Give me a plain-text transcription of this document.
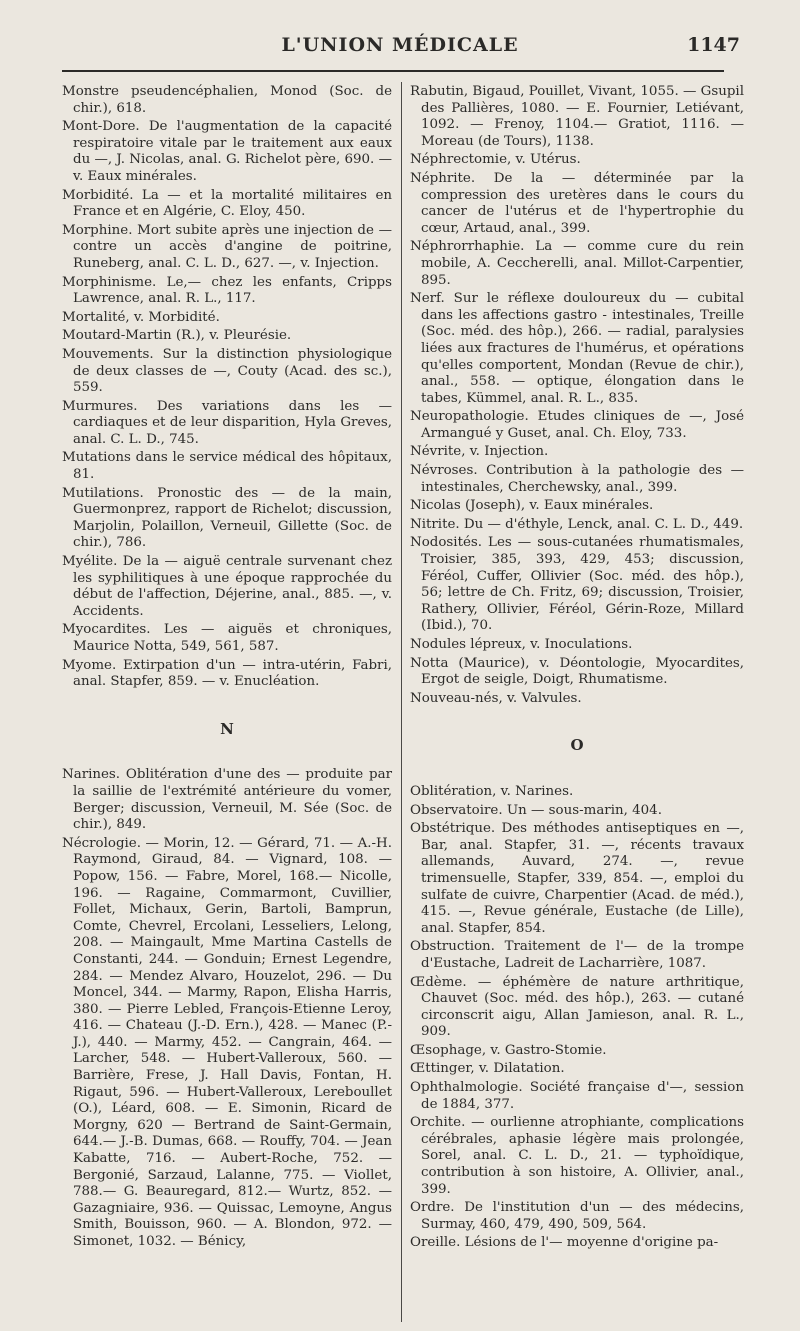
L'UNION MÉDICALE	1147

Monstre pseudencéphalien, Monod (Soc. de chir.), 618.

Mont-Dore. De l'augmentation de la capacité respiratoire vitale par le traitement aux eaux du —, J. Nicolas, anal. G. Richelot père, 690. — v. Eaux minérales.

Morbidité. La — et la mortalité militaires en France et en Algérie, C. Eloy, 450.

Morphine. Mort subite après une injection de — contre un accès d'angine de poitrine, Runeberg, anal. C. L. D., 627. —, v. Injection.

Morphinisme. Le,— chez les enfants, Cripps Lawrence, anal. R. L., 117.

Mortalité, v. Morbidité.

Moutard-Martin (R.), v. Pleurésie.

Mouvements. Sur la distinction physiologique de deux classes de —, Couty (Acad. des sc.), 559.

Murmures. Des variations dans les — cardiaques et de leur disparition, Hyla Greves, anal. C. L. D., 745.

Mutations dans le service médical des hôpitaux, 81.

Mutilations. Pronostic des — de la main, Guermonprez, rapport de Richelot; discussion, Marjolin, Polaillon, Verneuil, Gillette (Soc. de chir.), 786.

Myélite. De la — aiguë centrale survenant chez les syphilitiques à une époque rapprochée du début de l'affection, Déjerine, anal., 885. —, v. Accidents.

Myocardites. Les — aiguës et chroniques, Maurice Notta, 549, 561, 587.

Myome. Extirpation d'un — intra-utérin, Fabri, anal. Stapfer, 859. — v. Enucléation.

N

Narines. Oblitération d'une des — produite par la saillie de l'extrémité antérieure du vomer, Berger; discussion, Verneuil, M. Sée (Soc. de chir.), 849.

Nécrologie. — Morin, 12. — Gérard, 71. — A.-H. Raymond, Giraud, 84. — Vignard, 108. — Popow, 156. — Fabre, Morel, 168.— Nicolle, 196. — Ragaine, Commarmont, Cuvillier, Follet, Michaux, Gerin, Bartoli, Bamprun, Comte, Chevrel, Ercolani, Lesseliers, Lelong, 208. — Maingault, Mme Martina Castells de Constanti, 244. — Gonduin; Ernest Legendre, 284. — Mendez Alvaro, Houzelot, 296. — Du Moncel, 344. — Marmy, Rapon, Elisha Harris, 380. — Pierre Lebled, François-Etienne Leroy, 416. — Chateau (J.-D. Ern.), 428. — Manec (P.-J.), 440. — Marmy, 452. — Cangrain, 464. — Larcher, 548. — Hubert-Valleroux, 560. — Barrière, Frese, J. Hall Davis, Fontan, H. Rigaut, 596. — Hubert-Valleroux, Lereboullet (O.), Léard, 608. — E. Simonin, Ricard de Morgny, 620 — Bertrand de Saint-Germain, 644.— J.-B. Dumas, 668. — Rouffy, 704. — Jean Kabatte, 716. — Aubert-Roche, 752. — Bergonié, Sarzaud, Lalanne, 775. — Viollet, 788.— G. Beauregard, 812.— Wurtz, 852. — Gazagniaire, 936. — Quissac, Lemoyne, Angus Smith, Bouisson, 960. — A. Blondon, 972. — Simonet, 1032. — Bénicy,

Rabutin, Bigaud, Pouillet, Vivant, 1055. — Gsupil des Pallières, 1080. — E. Fournier, Letiévant, 1092. — Frenoy, 1104.— Gratiot, 1116. — Moreau (de Tours), 1138.

Néphrectomie, v. Utérus.

Néphrite. De la — déterminée par la compression des uretères dans le cours du cancer de l'utérus et de l'hypertrophie du cœur, Artaud, anal., 399.

Néphrorrhaphie. La — comme cure du rein mobile, A. Ceccherelli, anal. Millot-Carpentier, 895.

Nerf. Sur le réflexe douloureux du — cubital dans les affections gastro - intestinales, Treille (Soc. méd. des hôp.), 266. — radial, paralysies liées aux fractures de l'humérus, et opérations qu'elles comportent, Mondan (Revue de chir.), anal., 558. — optique, élongation dans le tabes, Kümmel, anal. R. L., 835.

Neuropathologie. Etudes cliniques de —, José Armangué y Guset, anal. Ch. Eloy, 733.

Névrite, v. Injection.

Névroses. Contribution à la pathologie des — intestinales, Cherchewsky, anal., 399.

Nicolas (Joseph), v. Eaux minérales.

Nitrite. Du — d'éthyle, Lenck, anal. C. L. D., 449.

Nodosités. Les — sous-cutanées rhumatismales, Troisier, 385, 393, 429, 453; discussion, Féréol, Cuffer, Ollivier (Soc. méd. des hôp.), 56; lettre de Ch. Fritz, 69; discussion, Troisier, Rathery, Ollivier, Féréol, Gérin-Roze, Millard (Ibid.), 70.

Nodules lépreux, v. Inoculations.

Notta (Maurice), v. Déontologie, Myocardites, Ergot de seigle, Doigt, Rhumatisme.

Nouveau-nés, v. Valvules.

O

Oblitération, v. Narines.

Observatoire. Un — sous-marin, 404.

Obstétrique. Des méthodes antiseptiques en —, Bar, anal. Stapfer, 31. —, récents travaux allemands, Auvard, 274. —, revue trimensuelle, Stapfer, 339, 854. —, emploi du sulfate de cuivre, Charpentier (Acad. de méd.), 415. —, Revue générale, Eustache (de Lille), anal. Stapfer, 854.

Obstruction. Traitement de l'— de la trompe d'Eustache, Ladreit de Lacharrière, 1087.

Œdème. — éphémère de nature arthritique, Chauvet (Soc. méd. des hôp.), 263. — cutané circonscrit aigu, Allan Jamieson, anal. R. L., 909.

Œsophage, v. Gastro-Stomie.

Œttinger, v. Dilatation.

Ophthalmologie. Société française d'—, session de 1884, 377.

Orchite. — ourlienne atrophiante, complications cérébrales, aphasie légère mais prolongée, Sorel, anal. C. L. D., 21. — typhoïdique, contribution à son histoire, A. Ollivier, anal., 399.

Ordre. De l'institution d'un — des médecins, Surmay, 460, 479, 490, 509, 564.

Oreille. Lésions de l'— moyenne d'origine pa-
